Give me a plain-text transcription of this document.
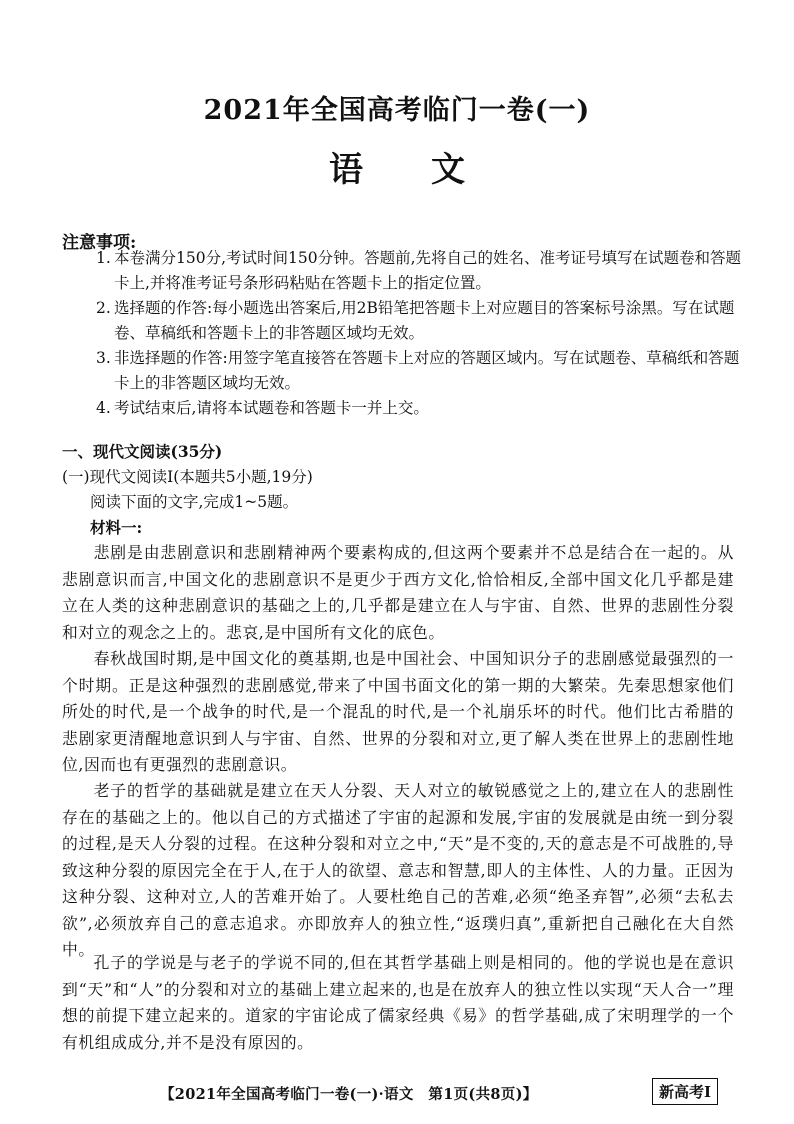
2021年全国高考临门一卷(一)
语 文
注意事项:
1. 本卷满分150分,考试时间150分钟。答题前,先将自己的姓名、准考证号填写在试题卷和答题卡上,并将准考证号条形码粘贴在答题卡上的指定位置。
2. 选择题的作答:每小题选出答案后,用2B铅笔把答题卡上对应题目的答案标号涂黑。写在试题卷、草稿纸和答题卡上的非答题区域均无效。
3. 非选择题的作答:用签字笔直接答在答题卡上对应的答题区域内。写在试题卷、草稿纸和答题卡上的非答题区域均无效。
4. 考试结束后,请将本试题卷和答题卡一并上交。
一、现代文阅读(35分)
(一)现代文阅读Ⅰ(本题共5小题,19分)
阅读下面的文字,完成1~5题。
材料一:
悲剧是由悲剧意识和悲剧精神两个要素构成的,但这两个要素并不总是结合在一起的。从悲剧意识而言,中国文化的悲剧意识不是更少于西方文化,恰恰相反,全部中国文化几乎都是建立在人类的这种悲剧意识的基础之上的,几乎都是建立在人与宇宙、自然、世界的悲剧性分裂和对立的观念之上的。悲哀,是中国所有文化的底色。
春秋战国时期,是中国文化的奠基期,也是中国社会、中国知识分子的悲剧感觉最强烈的一个时期。正是这种强烈的悲剧感觉,带来了中国书面文化的第一期的大繁荣。先秦思想家他们所处的时代,是一个战争的时代,是一个混乱的时代,是一个礼崩乐坏的时代。他们比古希腊的悲剧家更清醒地意识到人与宇宙、自然、世界的分裂和对立,更了解人类在世界上的悲剧性地位,因而也有更强烈的悲剧意识。
老子的哲学的基础就是建立在天人分裂、天人对立的敏锐感觉之上的,建立在人的悲剧性存在的基础之上的。他以自己的方式描述了宇宙的起源和发展,宇宙的发展就是由统一到分裂的过程,是天人分裂的过程。在这种分裂和对立之中,“天”是不变的,天的意志是不可战胜的,导致这种分裂的原因完全在于人,在于人的欲望、意志和智慧,即人的主体性、人的力量。正因为这种分裂、这种对立,人的苦难开始了。人要杜绝自己的苦难,必须“绝圣弃智”,必须“去私去欲”,必须放弃自己的意志追求。亦即放弃人的独立性,“返璞归真”,重新把自己融化在大自然中。
孔子的学说是与老子的学说不同的,但在其哲学基础上则是相同的。他的学说也是在意识到“天”和“人”的分裂和对立的基础上建立起来的,也是在放弃人的独立性以实现“天人合一”理想的前提下建立起来的。道家的宇宙论成了儒家经典《易》的哲学基础,成了宋明理学的一个有机组成成分,并不是没有原因的。
【2021年全国高考临门一卷(一)·语文　第1页(共8页)】	新高考Ⅰ
